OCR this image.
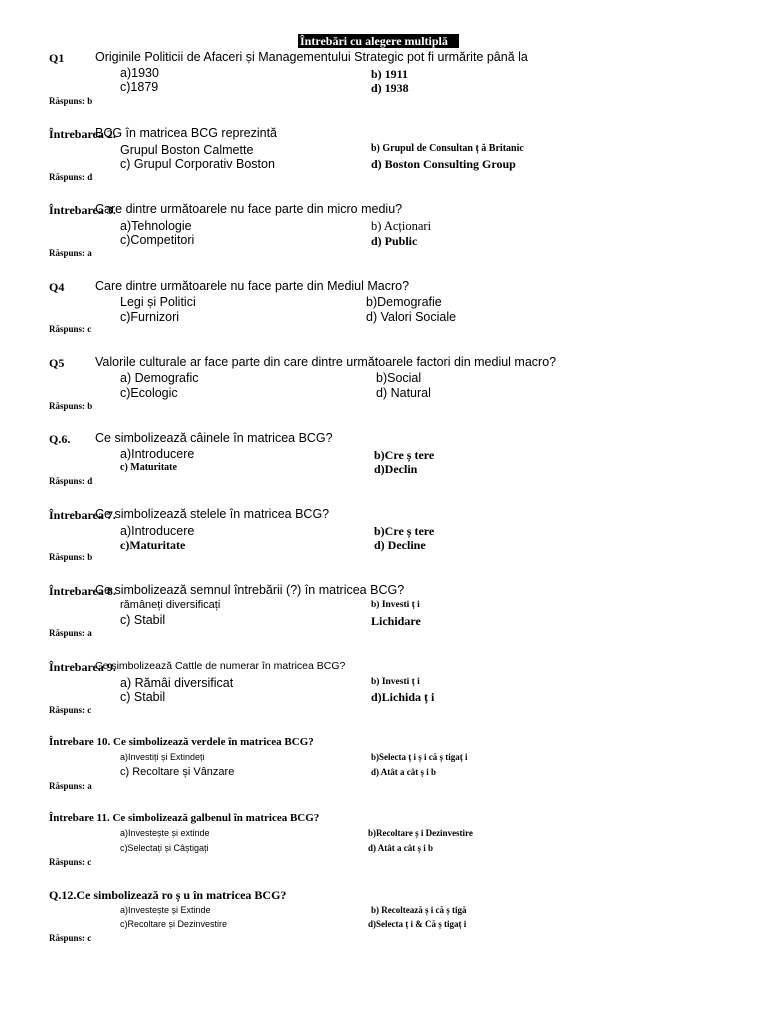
Întrebări cu alegere multiplă
Q1 Originile Politicii de Afaceri și Managementului Strategic pot fi urmărite până la
a)1930	b) 1911
c)1879	d) 1938
Răspuns: b
Întrebarea 2.
BCG în matricea BCG reprezintă
Grupul Boston Calmette	b) Grupul de Consultan ț ă Britanic
c) Grupul Corporativ Boston	d) Boston Consulting Group
Răspuns: d
Întrebarea 3.
Care dintre următoarele nu face parte din micro mediu?
a)Tehnologie	b) Acționari
c)Competitori	d) Public
Răspuns: a
Q4 Care dintre următoarele nu face parte din Mediul Macro?
Legi și Politici	b)Demografie
c)Furnizori	d) Valori Sociale
Răspuns: c
Q5 Valorile culturale ar face parte din care dintre următoarele factori din mediul macro?
a) Demografic	b)Social
c)Ecologic	d) Natural
Răspuns: b
Q.6. Ce simbolizează câinele în matricea BCG?
a)Introducere	b)Cre ș tere
c) Maturitate	d)Declin
Răspuns: d
Întrebarea 7.
Ce simbolizează stelele în matricea BCG?
a)Introducere	b)Cre ș tere
c)Maturitate	d) Decline
Răspuns: b
Întrebarea 8.
Ce simbolizează semnul întrebării (?) în matricea BCG?
rămâneți diversificați	b) Investi ț i
c) Stabil	Lichidare
Răspuns: a
Întrebarea 9.
Ce simbolizează Cattle de numerar în matricea BCG?
a) Rămâi diversificat	b) Investi ț i
c) Stabil	d)Lichida ț i
Răspuns: c
Întrebare 10. Ce simbolizează verdele în matricea BCG?
a)Investiți și Extindeți	b)Selecta ț i ș i că ș tigaț i
c) Recoltare și Vânzare	d) Atât a cât ș i b
Răspuns: a
Întrebare 11. Ce simbolizează galbenul în matricea BCG?
a)Investește și extinde	b)Recoltare ș i Dezinvestire
c)Selectați și Câștigați	d) Atât a cât ș i b
Răspuns: c
Q.12.Ce simbolizează ro ș u în matricea BCG?
a)Investește și Extinde	b) Recoltează ș i că ș tigă
c)Recoltare și Dezinvestire	d)Selecta ț i & Că ș tigaț i
Răspuns: c
